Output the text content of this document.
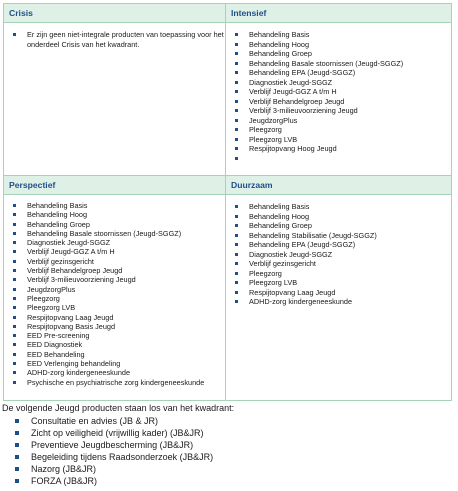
Crisis
Er zijn geen niet-integrale producten van toepassing voor het onderdeel Crisis van het kwadrant.
Intensief
Behandeling Basis
Behandeling Hoog
Behandeling Groep
Behandeling Basale stoornissen (Jeugd-SGGZ)
Behandeling EPA (Jeugd-SGGZ)
Diagnostiek Jeugd-SGGZ
Verblijf Jeugd-GGZ A t/m H
Verblijf Behandelgroep Jeugd
Verblijf 3-milieuvoorziening Jeugd
JeugdzorgPlus
Pleegzorg
Pleegzorg LVB
Respijtopvang Hoog Jeugd
Perspectief
Behandeling Basis
Behandeling Hoog
Behandeling Groep
Behandeling Basale stoornissen (Jeugd-SGGZ)
Diagnostiek Jeugd-SGGZ
Verblijf Jeugd-GGZ A t/m H
Verblijf gezinsgericht
Verblijf Behandelgroep Jeugd
Verblijf 3-milieuvoorziening Jeugd
JeugdzorgPlus
Pleegzorg
Pleegzorg LVB
Respijtopvang Laag Jeugd
Respijtopvang Basis Jeugd
EED Pre-screening
EED Diagnostiek
EED Behandeling
EED Verlenging behandeling
ADHD-zorg kindergeneeskunde
Psychische en psychiatrische zorg kindergeneeskunde
Duurzaam
Behandeling Basis
Behandeling Hoog
Behandeling Groep
Behandeling Stabilisatie (Jeugd-SGGZ)
Behandeling EPA (Jeugd-SGGZ)
Diagnostiek Jeugd-SGGZ
Verblijf gezinsgericht
Pleegzorg
Pleegzorg LVB
Respijtopvang Laag Jeugd
ADHD-zorg kindergeneeskunde
De volgende Jeugd producten staan los van het kwadrant:
Consultatie en advies (JB & JR)
Zicht op veiligheid (vrijwillig kader) (JB&JR)
Preventieve Jeugdbescherming (JB&JR)
Begeleiding tijdens Raadsonderzoek (JB&JR)
Nazorg (JB&JR)
FORZA (JB&JR)
